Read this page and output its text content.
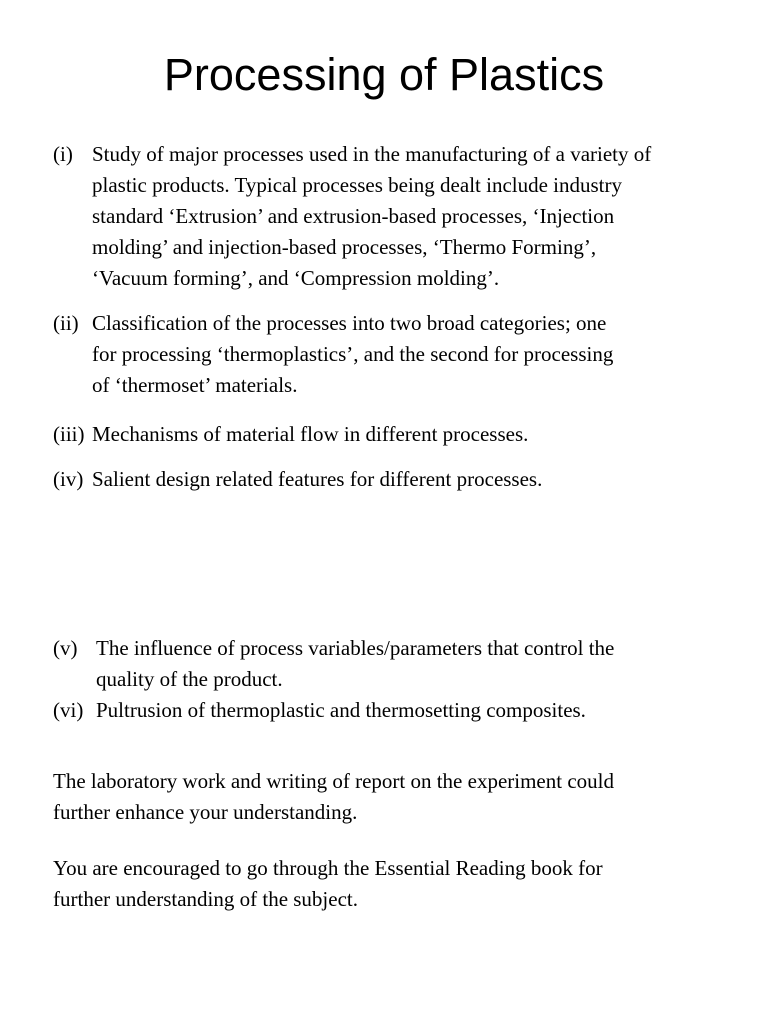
Processing of Plastics
(i) Study of major processes used in the manufacturing of a variety of
plastic products. Typical processes being dealt include industry
standard ‘Extrusion’ and extrusion-based processes, ‘Injection
molding’ and injection-based processes, ‘Thermo Forming’,
‘Vacuum forming’, and ‘Compression molding’.
(ii) Classification of the processes into two broad categories; one
for processing ‘thermoplastics’, and the second for processing
of ‘thermoset’ materials.
(iii) Mechanisms of material flow in different processes.
(iv) Salient design related features for different processes.
(v) The influence of process variables/parameters that control the
quality of the product.
(vi) Pultrusion of thermoplastic and thermosetting composites.
The laboratory work and writing of report on the experiment could
further enhance your understanding.
You are encouraged to go through the Essential Reading book for
further understanding of the subject.
